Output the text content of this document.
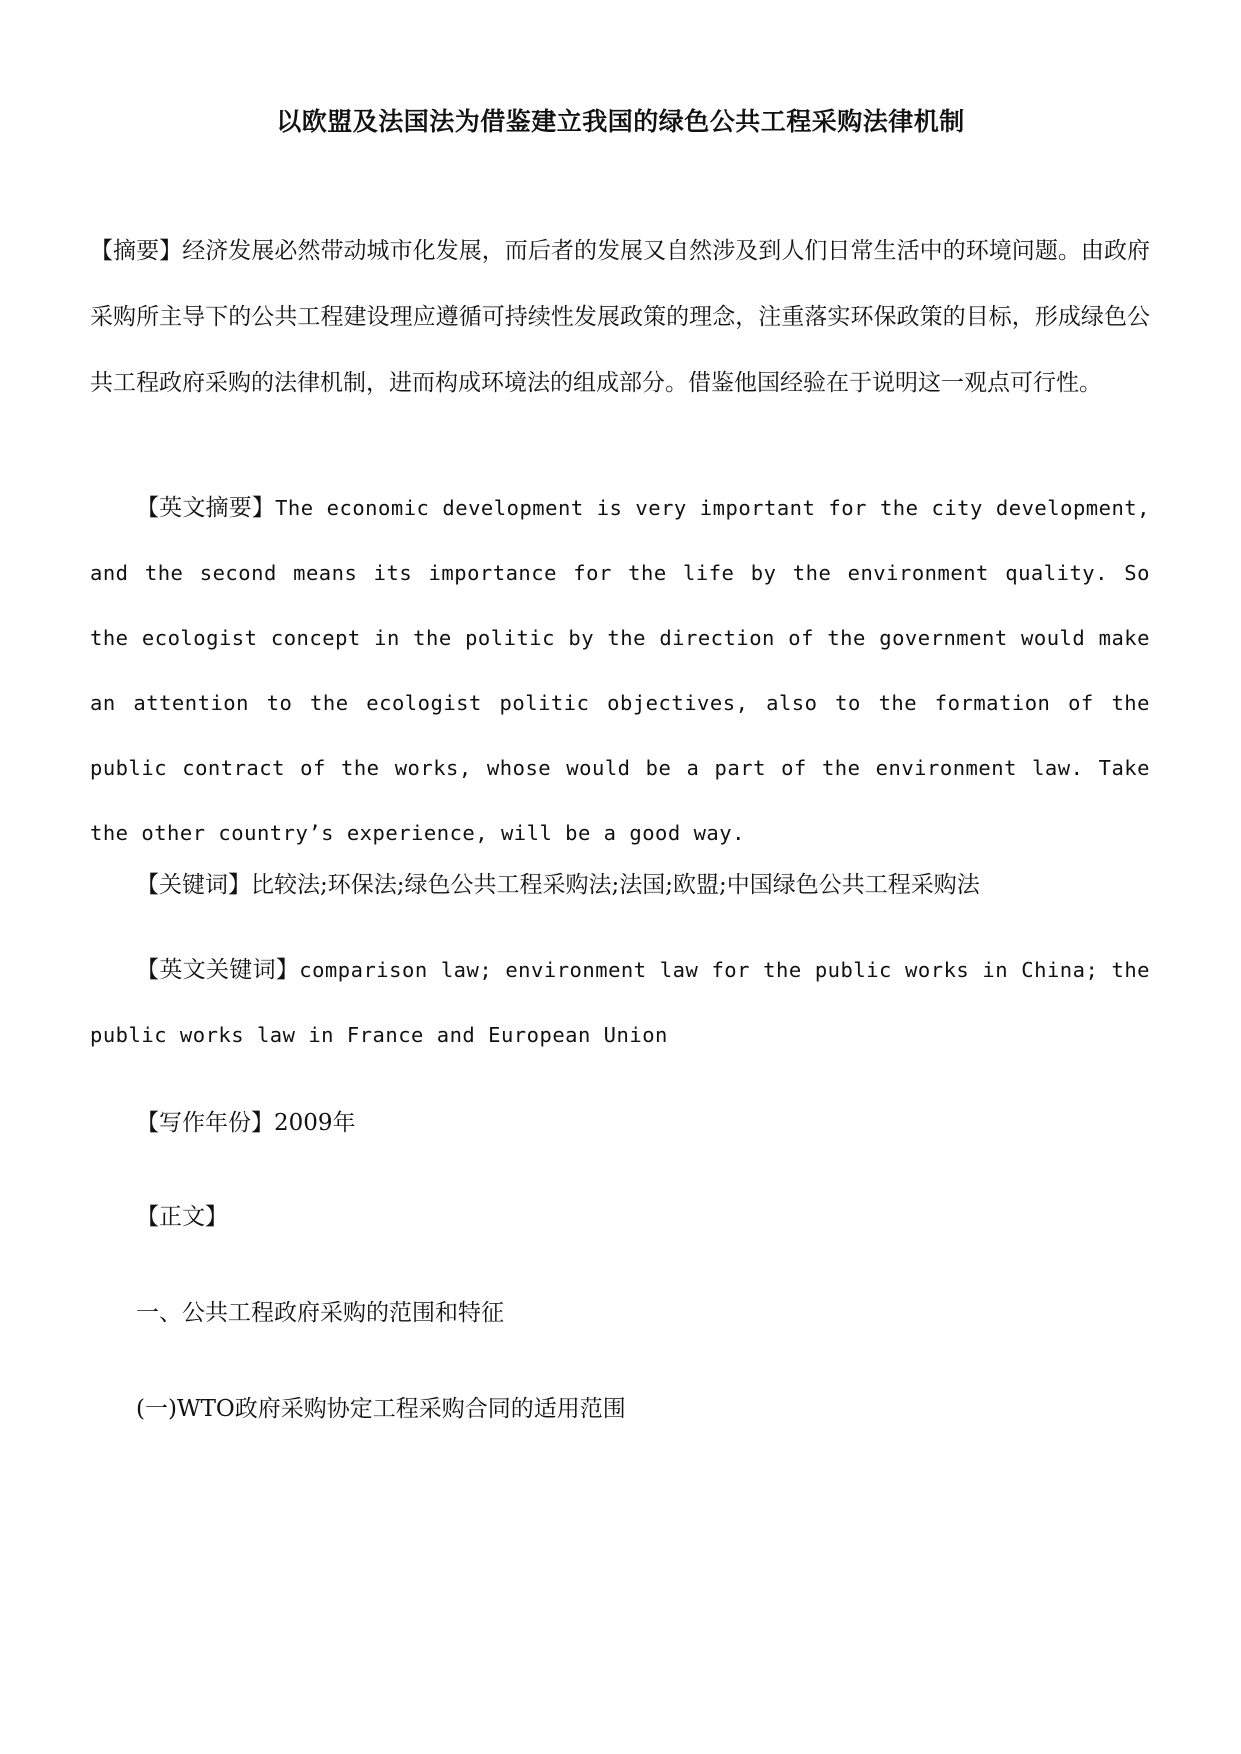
以欧盟及法国法为借鉴建立我国的绿色公共工程采购法律机制

【摘要】经济发展必然带动城市化发展，而后者的发展又自然涉及到人们日常生活中的环境问题。由政府采购所主导下的公共工程建设理应遵循可持续性发展政策的理念，注重落实环保政策的目标，形成绿色公共工程政府采购的法律机制，进而构成环境法的组成部分。借鉴他国经验在于说明这一观点可行性。

【英文摘要】The economic development is very important for the city development, and the second means its importance for the life by the environment quality. So the ecologist concept in the politic by the direction of the government would make an attention to the ecologist politic objectives, also to the formation of the public contract of the works, whose would be a part of the environment law. Take the other country’s experience, will be a good way.

【关键词】比较法;环保法;绿色公共工程采购法;法国;欧盟;中国绿色公共工程采购法

【英文关键词】comparison law; environment law for the public works in China; the public works law in France and European Union

【写作年份】2009年

【正文】

一、公共工程政府采购的范围和特征

(一)WTO政府采购协定工程采购合同的适用范围
